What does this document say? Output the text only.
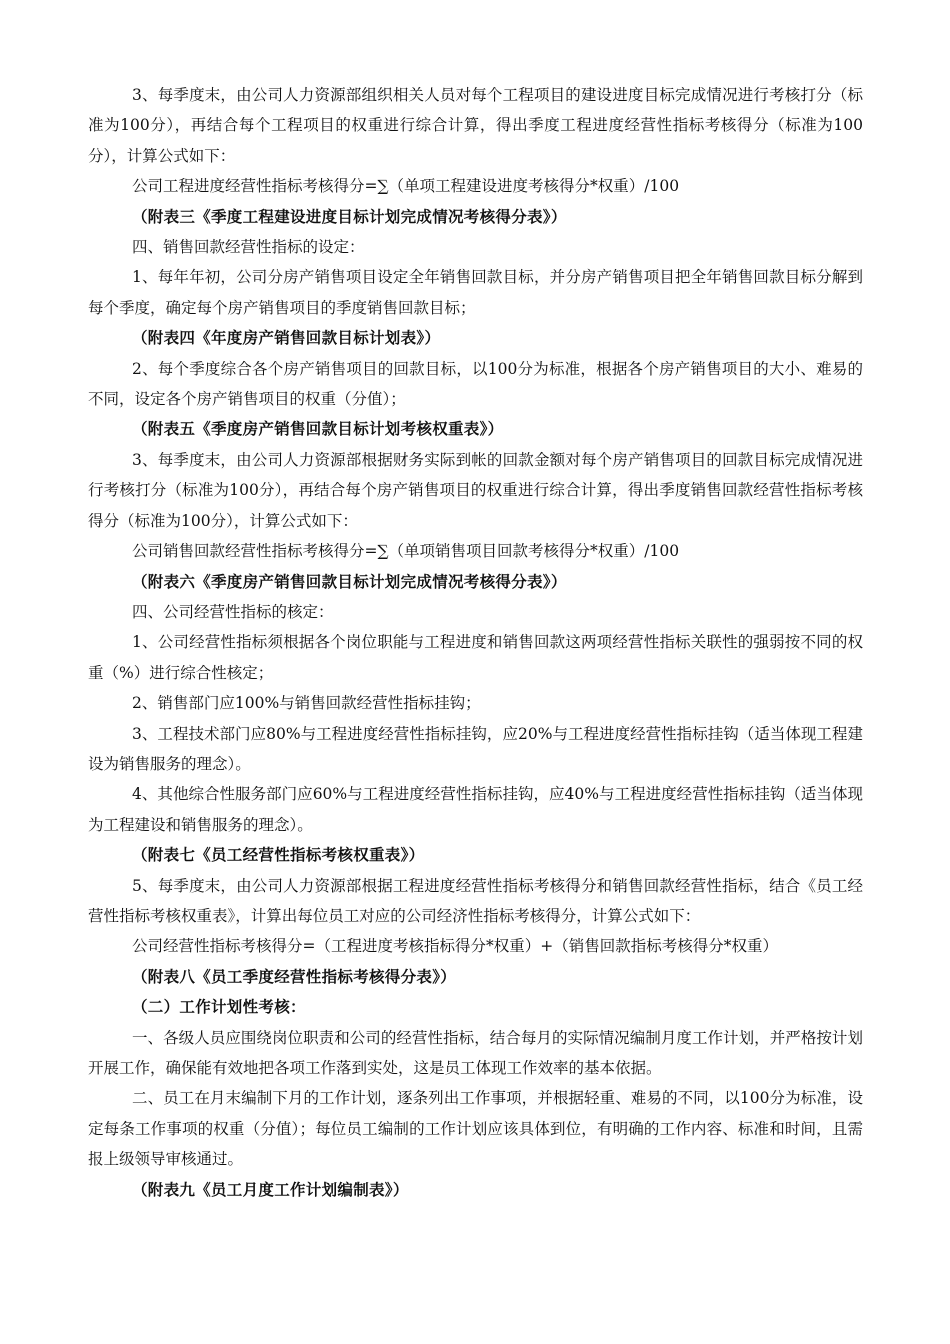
3、每季度末，由公司人力资源部组织相关人员对每个工程项目的建设进度目标完成情况进行考核打分（标准为100分），再结合每个工程项目的权重进行综合计算，得出季度工程进度经营性指标考核得分（标准为100分），计算公式如下：

公司工程进度经营性指标考核得分=∑（单项工程建设进度考核得分*权重）/100

（附表三《季度工程建设进度目标计划完成情况考核得分表》）

四、销售回款经营性指标的设定：

1、每年年初，公司分房产销售项目设定全年销售回款目标，并分房产销售项目把全年销售回款目标分解到每个季度，确定每个房产销售项目的季度销售回款目标；

（附表四《年度房产销售回款目标计划表》）

2、每个季度综合各个房产销售项目的回款目标，以100分为标准，根据各个房产销售项目的大小、难易的不同，设定各个房产销售项目的权重（分值）；

（附表五《季度房产销售回款目标计划考核权重表》）

3、每季度末，由公司人力资源部根据财务实际到帐的回款金额对每个房产销售项目的回款目标完成情况进行考核打分（标准为100分），再结合每个房产销售项目的权重进行综合计算，得出季度销售回款经营性指标考核得分（标准为100分），计算公式如下：

公司销售回款经营性指标考核得分=∑（单项销售项目回款考核得分*权重）/100

（附表六《季度房产销售回款目标计划完成情况考核得分表》）

四、公司经营性指标的核定：

1、公司经营性指标须根据各个岗位职能与工程进度和销售回款这两项经营性指标关联性的强弱按不同的权重（%）进行综合性核定；

2、销售部门应100%与销售回款经营性指标挂钩；

3、工程技术部门应80%与工程进度经营性指标挂钩，应20%与工程进度经营性指标挂钩（适当体现工程建设为销售服务的理念）。

4、其他综合性服务部门应60%与工程进度经营性指标挂钩，应40%与工程进度经营性指标挂钩（适当体现为工程建设和销售服务的理念）。

（附表七《员工经营性指标考核权重表》）

5、每季度末，由公司人力资源部根据工程进度经营性指标考核得分和销售回款经营性指标，结合《员工经营性指标考核权重表》，计算出每位员工对应的公司经济性指标考核得分，计算公式如下：

公司经营性指标考核得分=（工程进度考核指标得分*权重）+（销售回款指标考核得分*权重）

（附表八《员工季度经营性指标考核得分表》）

（二）工作计划性考核：

一、各级人员应围绕岗位职责和公司的经营性指标，结合每月的实际情况编制月度工作计划，并严格按计划开展工作，确保能有效地把各项工作落到实处，这是员工体现工作效率的基本依据。

二、员工在月末编制下月的工作计划，逐条列出工作事项，并根据轻重、难易的不同，以100分为标准，设定每条工作事项的权重（分值）；每位员工编制的工作计划应该具体到位，有明确的工作内容、标准和时间，且需报上级领导审核通过。

（附表九《员工月度工作计划编制表》）
